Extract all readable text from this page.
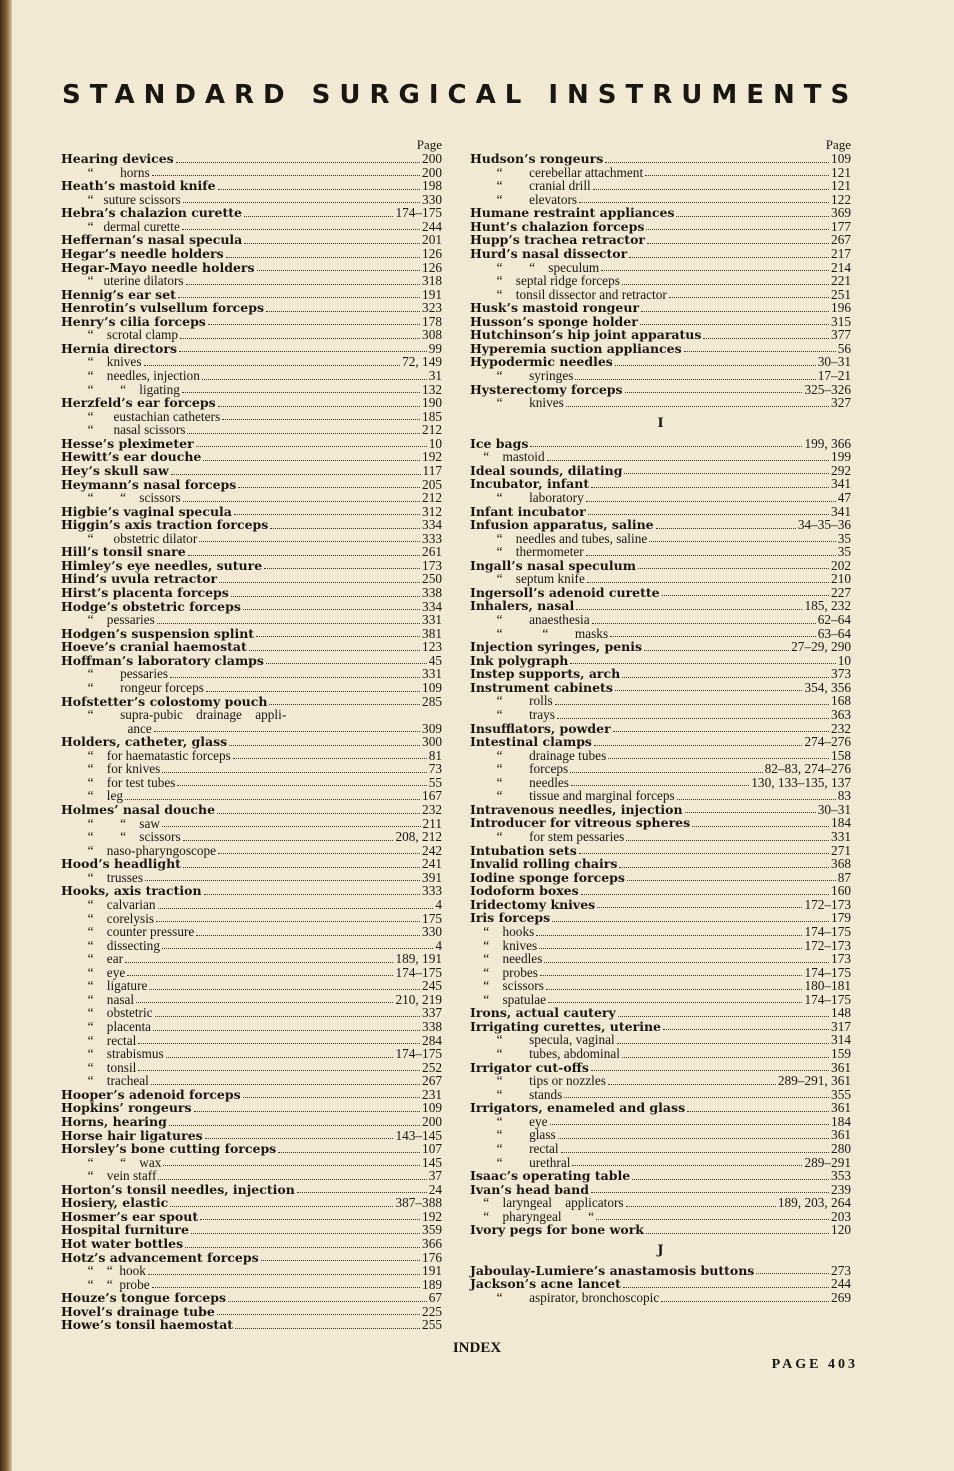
STANDARD SURGICAL INSTRUMENTS
Page
Hearing devices	200
“        horns	200
Heath’s mastoid knife	198
“   suture scissors	330
Hebra’s chalazion curette	174–175
“   dermal curette	244
Heffernan’s nasal specula	201
Hegar’s needle holders	126
Hegar-Mayo needle holders	126
“   uterine dilators	318
Hennig’s ear set	191
Henrotin’s vulsellum forceps	323
Henry’s cilia forceps	178
“    scrotal clamp	308
Hernia directors	99
“    knives	72, 149
“    needles, injection	31
“        “    ligating	132
Herzfeld’s ear forceps	190
“      eustachian catheters	185
“      nasal scissors	212
Hesse’s pleximeter	10
Hewitt’s ear douche	192
Hey’s skull saw	117
Heymann’s nasal forceps	205
“        “    scissors	212
Higbie’s vaginal specula	312
Higgin’s axis traction forceps	334
“      obstetric dilator	333
Hill’s tonsil snare	261
Himley’s eye needles, suture	173
Hind’s uvula retractor	250
Hirst’s placenta forceps	338
Hodge’s obstetric forceps	334
“    pessaries	331
Hodgen’s suspension splint	381
Hoeve’s cranial haemostat	123
Hoffman’s laboratory clamps	45
“        pessaries	331
“        rongeur forceps	109
Hofstetter’s colostomy pouch	285
“        supra-pubic    drainage    appli-
ance	309
Holders, catheter, glass	300
“    for haematastic forceps	81
“    for knives	73
“    for test tubes	55
“    leg	167
Holmes’ nasal douche	232
“        “    saw	211
“        “    scissors	208, 212
“    naso-pharyngoscope	242
Hood’s headlight	241
“    trusses	391
Hooks, axis traction	333
“    calvarian	4
“    corelysis	175
“    counter pressure	330
“    dissecting	4
“    ear	189, 191
“    eye	174–175
“    ligature	245
“    nasal	210, 219
“    obstetric	337
“    placenta	338
“    rectal	284
“    strabismus	174–175
“    tonsil	252
“    tracheal	267
Hooper’s adenoid forceps	231
Hopkins’ rongeurs	109
Horns, hearing	200
Horse hair ligatures	143–145
Horsley’s bone cutting forceps	107
“        “    wax	145
“    vein staff	37
Horton’s tonsil needles, injection	24
Hosiery, elastic	387–388
Hosmer’s ear spout	192
Hospital furniture	359
Hot water bottles	366
Hotz’s advancement forceps	176
“    “  hook	191
“    “  probe	189
Houze’s tongue forceps	67
Hovel’s drainage tube	225
Howe’s tonsil haemostat	255
Page
Hudson’s rongeurs	109
“        cerebellar attachment	121
“        cranial drill	121
“        elevators	122
Humane restraint appliances	369
Hunt’s chalazion forceps	177
Hupp’s trachea retractor	267
Hurd’s nasal dissector	217
“        “    speculum	214
“    septal ridge forceps	221
“    tonsil dissector and retractor	251
Husk’s mastoid rongeur	196
Husson’s sponge holder	315
Hutchinson’s hip joint apparatus	377
Hyperemia suction appliances	56
Hypodermic needles	30–31
“        syringes	17–21
Hysterectomy forceps	325–326
“        knives	327
I
Ice bags	199, 366
“    mastoid	199
Ideal sounds, dilating	292
Incubator, infant	341
“        laboratory	47
Infant incubator	341
Infusion apparatus, saline	34–35–36
“    needles and tubes, saline	35
“    thermometer	35
Ingall’s nasal speculum	202
“    septum knife	210
Ingersoll’s adenoid curette	227
Inhalers, nasal	185, 232
“        anaesthesia	62–64
“            “        masks	63–64
Injection syringes, penis	27–29, 290
Ink polygraph	10
Instep supports, arch	373
Instrument cabinets	354, 356
“        rolls	168
“        trays	363
Insufflators, powder	232
Intestinal clamps	274–276
“        drainage tubes	158
“        forceps	82–83, 274–276
“        needles	130, 133–135, 137
“        tissue and marginal forceps	83
Intravenous needles, injection	30–31
Introducer for vitreous spheres	184
“        for stem pessaries	331
Intubation sets	271
Invalid rolling chairs	368
Iodine sponge forceps	87
Iodoform boxes	160
Iridectomy knives	172–173
Iris forceps	179
“    hooks	174–175
“    knives	172–173
“    needles	173
“    probes	174–175
“    scissors	180–181
“    spatulae	174–175
Irons, actual cautery	148
Irrigating curettes, uterine	317
“        specula, vaginal	314
“        tubes, abdominal	159
Irrigator cut-offs	361
“        tips or nozzles	289–291, 361
“        stands	355
Irrigators, enameled and glass	361
“        eye	184
“        glass	361
“        rectal	280
“        urethral	289–291
Isaac’s operating table	353
Ivan’s head band	239
“    laryngeal    applicators	189, 203, 264
“    pharyngeal        “	203
Ivory pegs for bone work	120
J
Jaboulay-Lumiere’s anastamosis buttons	273
Jackson’s acne lancet	244
“        aspirator, bronchoscopic	269
INDEX
PAGE 403
